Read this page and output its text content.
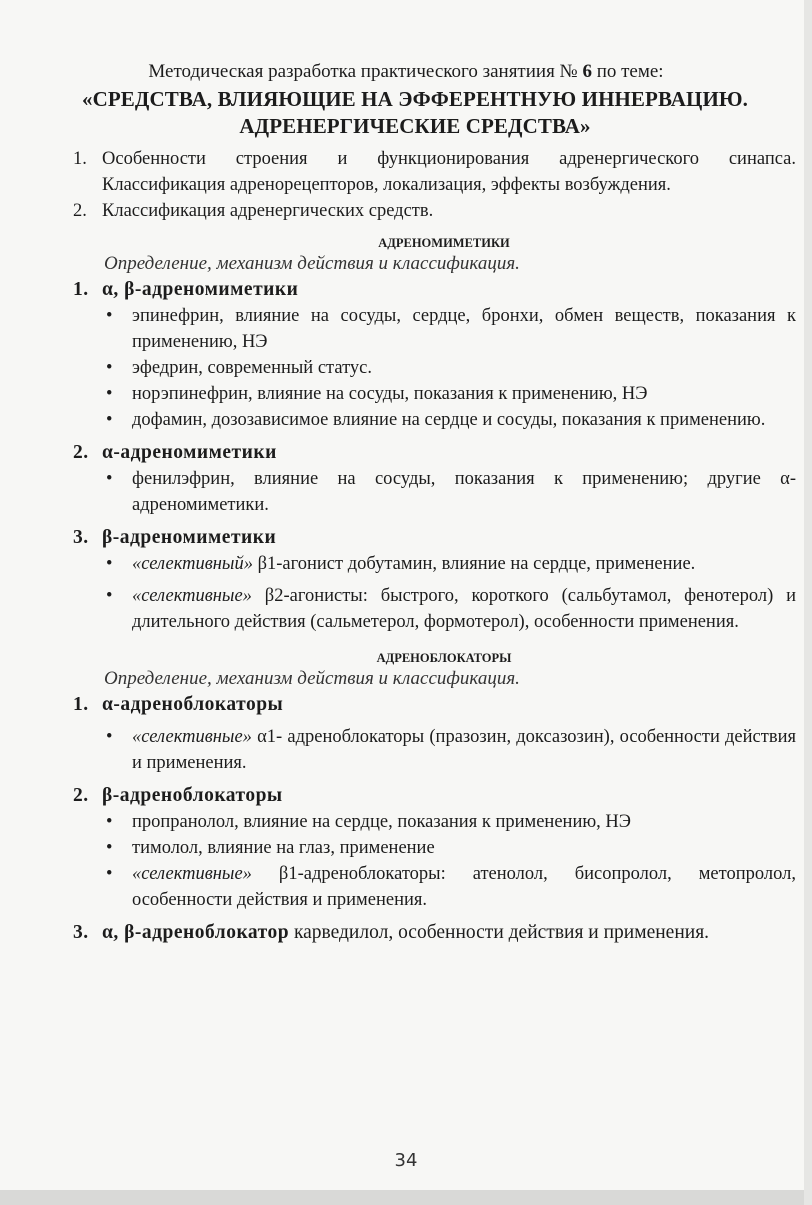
Методическая разработка практического занятиия № 6 по теме:
«СРЕДСТВА, ВЛИЯЮЩИЕ НА ЭФФЕРЕНТНУЮ ИННЕРВАЦИЮ.
АДРЕНЕРГИЧЕСКИЕ СРЕДСТВА»
1. Особенности строения и функционирования адренергического синапса. Классификация адренорецепторов, локализация, эффекты возбуждения.
2. Классификация адренергических средств.
АДРЕНОМИМЕТИКИ
Определение, механизм действия и классификация.
1. α, β-адреномиметики
• эпинефрин, влияние на сосуды, сердце, бронхи, обмен веществ, показания к применению, НЭ
• эфедрин, современный статус.
• норэпинефрин, влияние на сосуды, показания к применению, НЭ
• дофамин, дозозависимое влияние на сердце и сосуды, показания к применению.
2. α-адреномиметики
• фенилэфрин, влияние на сосуды, показания к применению; другие α-адреномиметики.
3. β-адреномиметики
• «селективный» β1-агонист добутамин, влияние на сердце, применение.
• «селективные» β2-агонисты: быстрого, короткого (сальбутамол, фенотерол) и длительного действия (сальметерол, формотерол), особенности применения.
АДРЕНОБЛОКАТОРЫ
Определение, механизм действия и классификация.
1. α-адреноблокаторы
• «селективные» α1- адреноблокаторы (празозин, доксазозин), особенности действия и применения.
2. β-адреноблокаторы
• пропранолол, влияние на сердце, показания к применению, НЭ
• тимолол, влияние на глаз, применение
• «селективные» β1-адреноблокаторы: атенолол, бисопролол, метопролол, особенности действия и применения.
3. α, β-адреноблокатор карведилол, особенности действия и применения.
34
